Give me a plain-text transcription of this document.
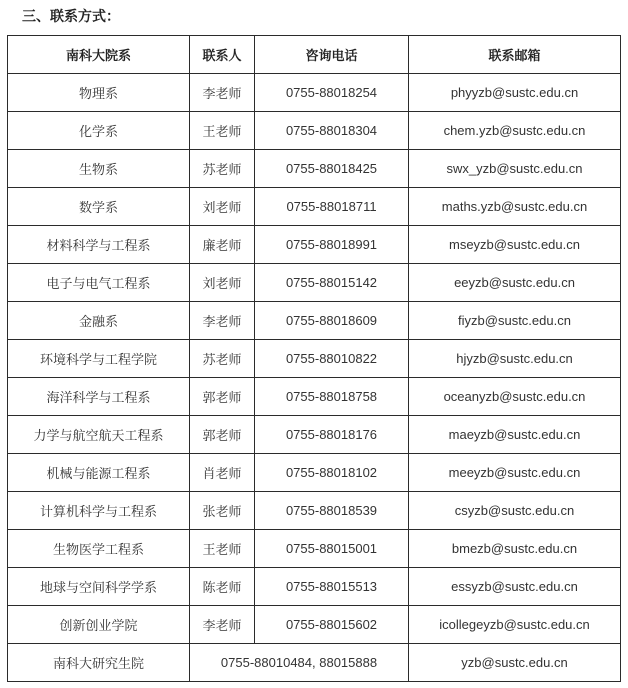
三、联系方式：
南科大院系	联系人	咨询电话	联系邮箱
物理系	李老师	0755-88018254	phyyzb@sustc.edu.cn
化学系	王老师	0755-88018304	chem.yzb@sustc.edu.cn
生物系	苏老师	0755-88018425	swx_yzb@sustc.edu.cn
数学系	刘老师	0755-88018711	maths.yzb@sustc.edu.cn
材料科学与工程系	廉老师	0755-88018991	mseyzb@sustc.edu.cn
电子与电气工程系	刘老师	0755-88015142	eeyzb@sustc.edu.cn
金融系	李老师	0755-88018609	fiyzb@sustc.edu.cn
环境科学与工程学院	苏老师	0755-88010822	hjyzb@sustc.edu.cn
海洋科学与工程系	郭老师	0755-88018758	oceanyzb@sustc.edu.cn
力学与航空航天工程系	郭老师	0755-88018176	maeyzb@sustc.edu.cn
机械与能源工程系	肖老师	0755-88018102	meeyzb@sustc.edu.cn
计算机科学与工程系	张老师	0755-88018539	csyzb@sustc.edu.cn
生物医学工程系	王老师	0755-88015001	bmezb@sustc.edu.cn
地球与空间科学学系	陈老师	0755-88015513	essyzb@sustc.edu.cn
创新创业学院	李老师	0755-88015602	icollegeyzb@sustc.edu.cn
南科大研究生院	0755-88010484, 88015888		yzb@sustc.edu.cn
